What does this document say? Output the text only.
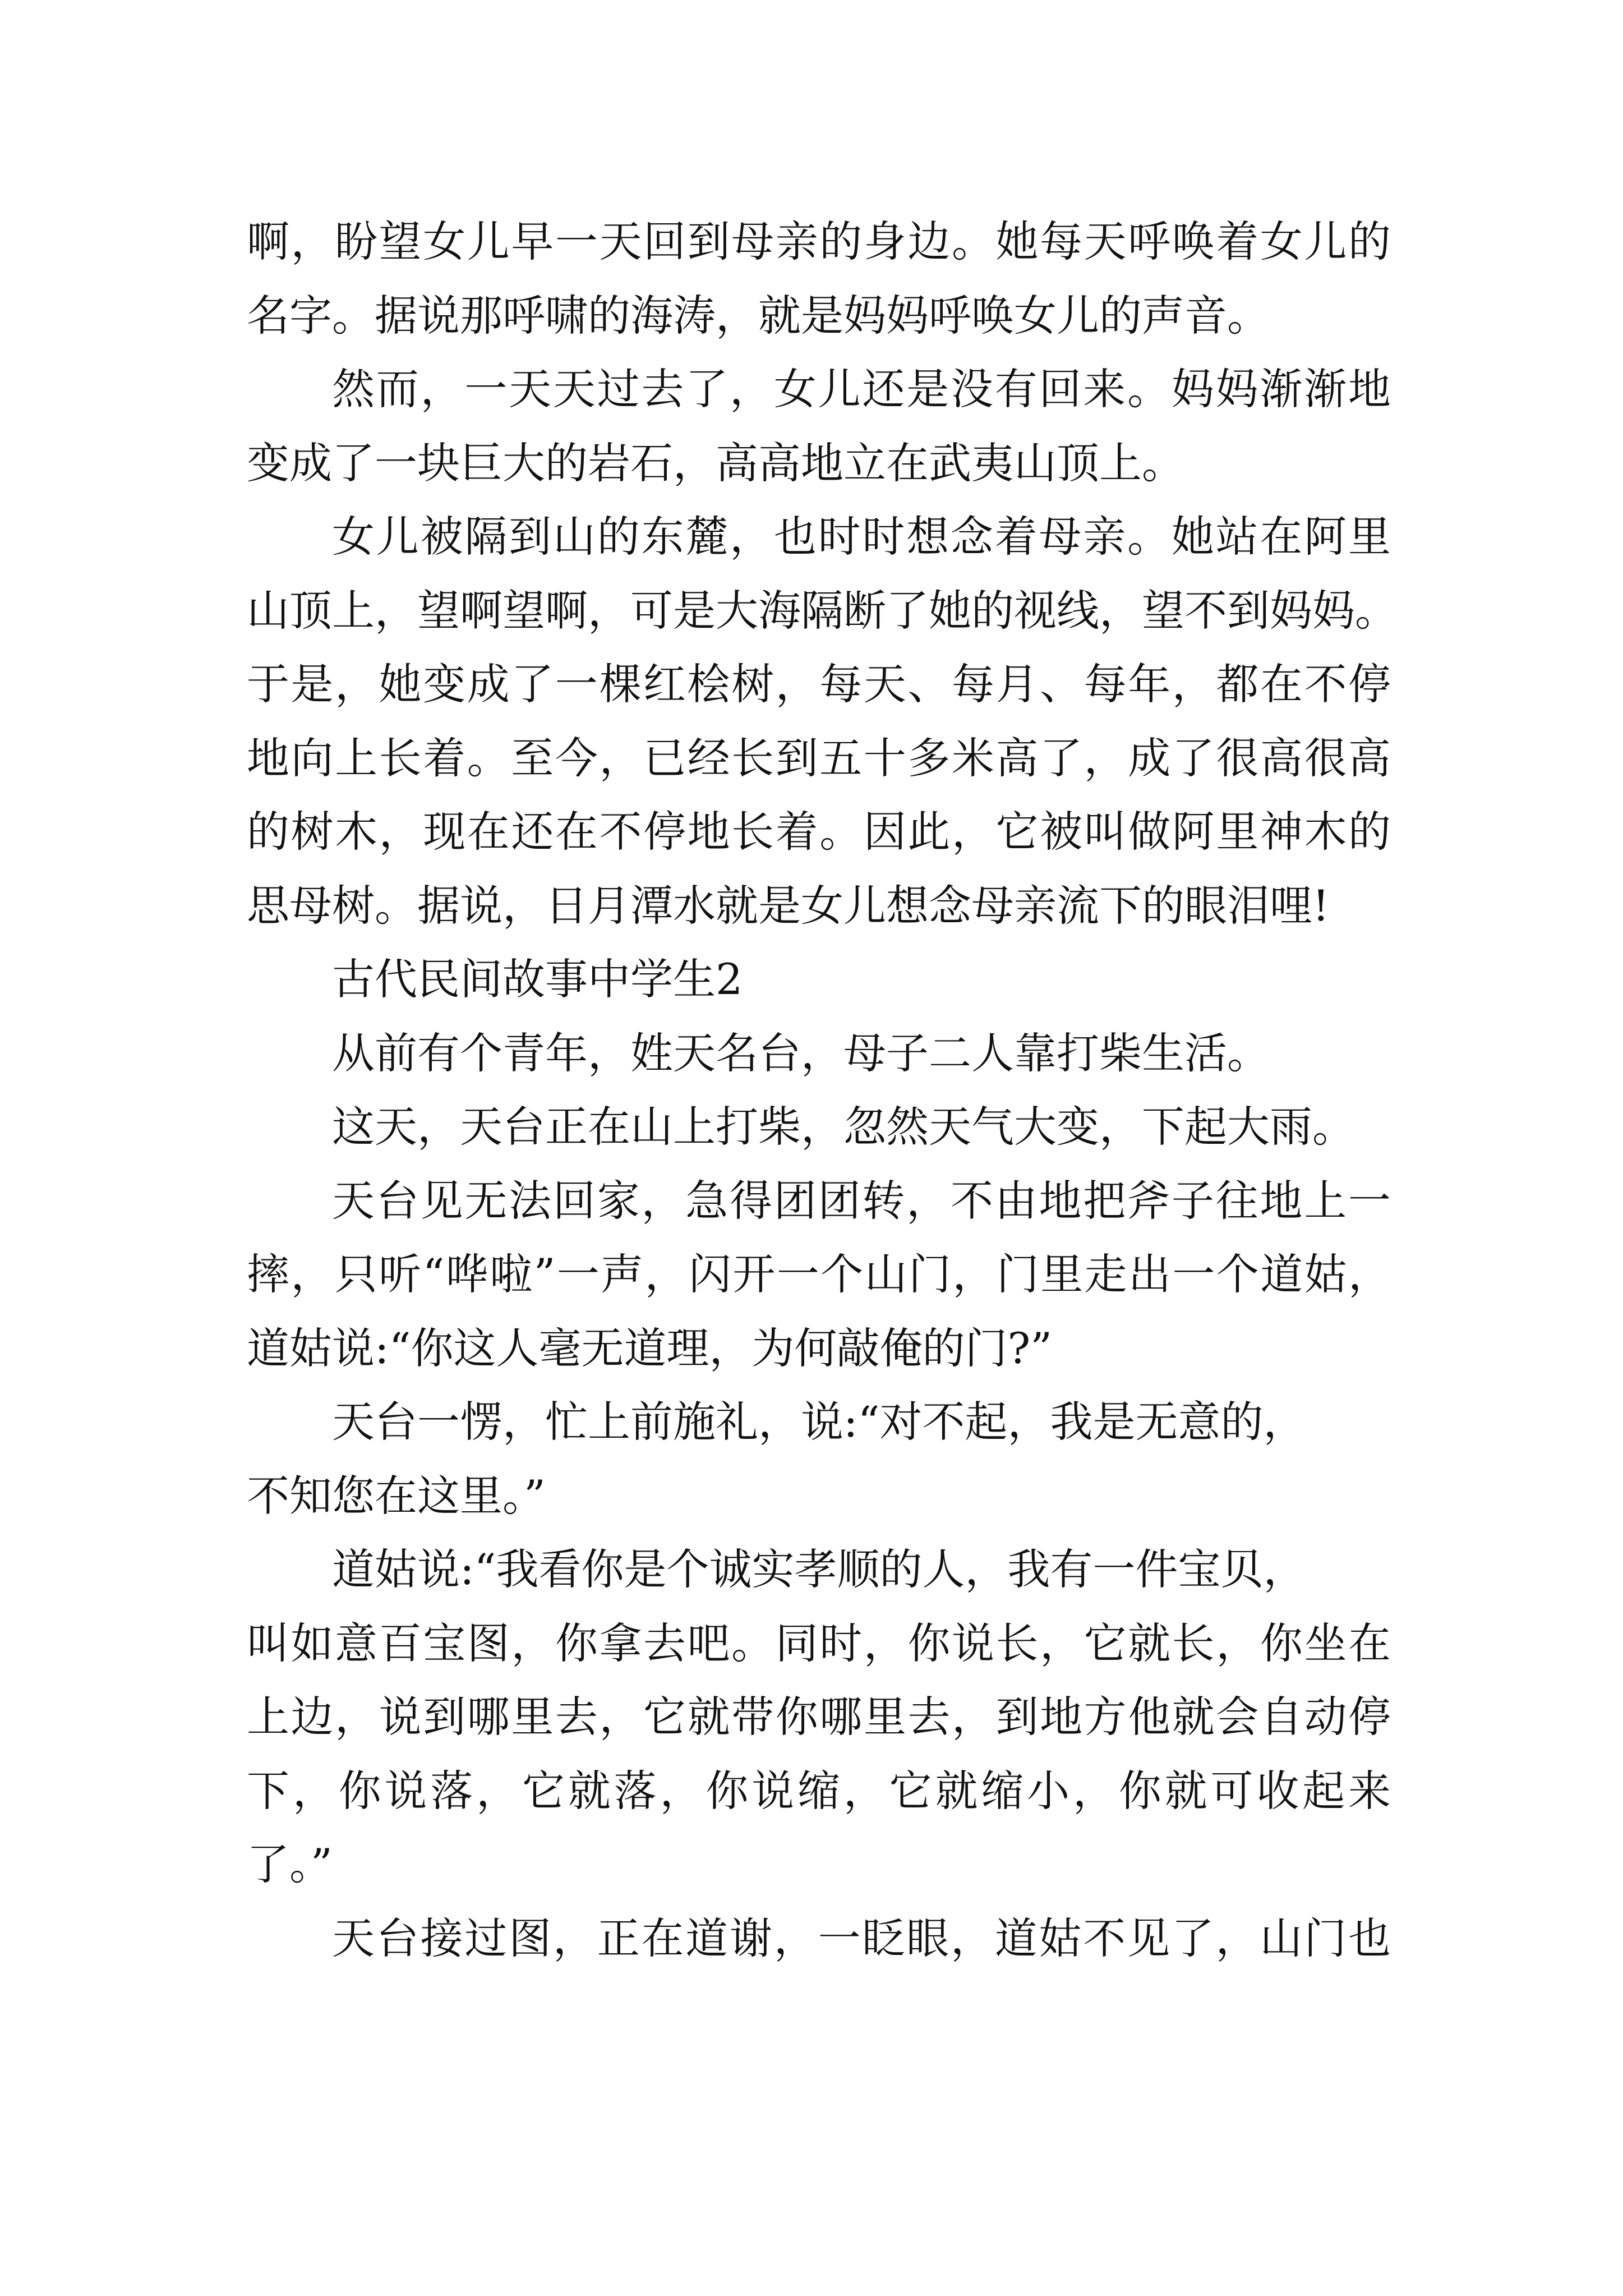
啊，盼望女儿早一天回到母亲的身边。她每天呼唤着女儿的
名字。据说那呼啸的海涛，就是妈妈呼唤女儿的声音。
然而，一天天过去了，女儿还是没有回来。妈妈渐渐地
变成了一块巨大的岩石，高高地立在武夷山顶上。
女儿被隔到山的东麓，也时时想念着母亲。她站在阿里
山顶上，望啊望啊，可是大海隔断了她的视线，望不到妈妈。
于是，她变成了一棵红桧树，每天、每月、每年，都在不停
地向上长着。至今，已经长到五十多米高了，成了很高很高
的树木，现在还在不停地长着。因此，它被叫做阿里神木的
思母树。据说，日月潭水就是女儿想念母亲流下的眼泪哩!
古代民间故事中学生2
从前有个青年，姓天名台，母子二人靠打柴生活。
这天，天台正在山上打柴，忽然天气大变，下起大雨。
天台见无法回家，急得团团转，不由地把斧子往地上一
摔，只听“哗啦”一声，闪开一个山门，门里走出一个道姑，
道姑说:“你这人毫无道理，为何敲俺的门?”
天台一愣，忙上前施礼，说:“对不起，我是无意的，
不知您在这里。”
道姑说:“我看你是个诚实孝顺的人，我有一件宝贝，
叫如意百宝图，你拿去吧。同时，你说长，它就长，你坐在
上边，说到哪里去，它就带你哪里去，到地方他就会自动停
下，你说落，它就落，你说缩，它就缩小，你就可收起来
了。”
天台接过图，正在道谢，一眨眼，道姑不见了，山门也
